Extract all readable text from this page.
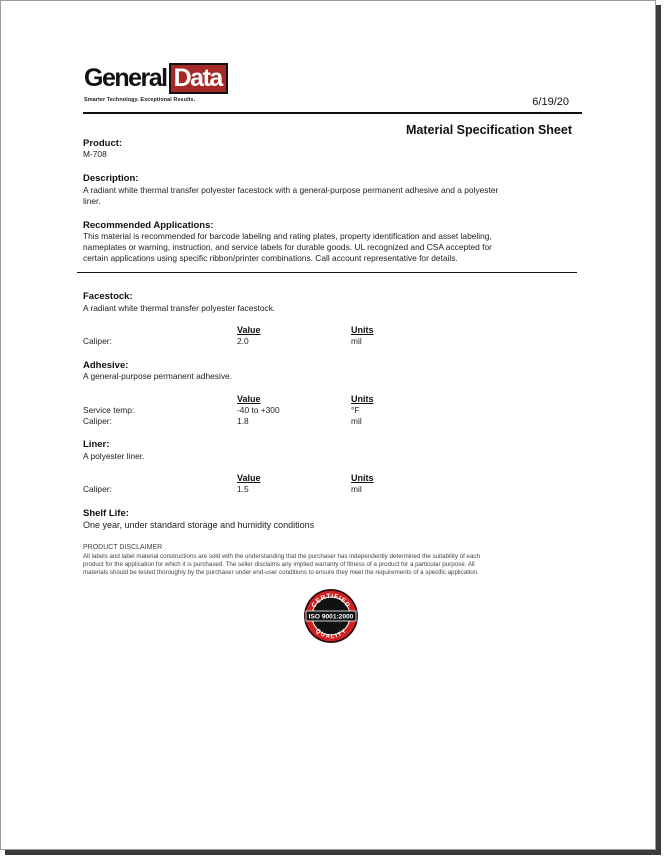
General Data
Smarter Technology. Exceptional Results.	6/19/20
Material Specification Sheet
Product:
M-708
Description:
A radiant white thermal transfer polyester facestock with a general-purpose permanent adhesive and a polyester
liner.
Recommended Applications:
This material is recommended for barcode labeling and rating plates, property identification and asset labeling,
nameplates or warning, instruction, and service labels for durable goods. UL recognized and CSA accepted for
certain applications using specific ribbon/printer combinations. Call account representative for details.
Facestock:
A radiant white thermal transfer polyester facestock.
Value	Units
Caliper:	2.0	mil
Adhesive:
A general-purpose permanent adhesive.
Value	Units
Service temp:	-40 to +300	°F
Caliper:	1.8	mil
Liner:
A polyester liner.
Value	Units
Caliper:	1.5	mil
Shelf Life:
One year, under standard storage and humidity conditions
PRODUCT DISCLAIMER
All labels and label material constructions are sold with the understanding that the purchaser has independently determined the suitability of each
product for the application for which it is purchased. The seller disclaims any implied warranty of fitness of a product for a particular purpose. All
materials should be tested thoroughly by the purchaser under end-user conditions to ensure they meet the requirements of a specific application.
CERTIFIED
ISO 9001:2000
QUALITY
